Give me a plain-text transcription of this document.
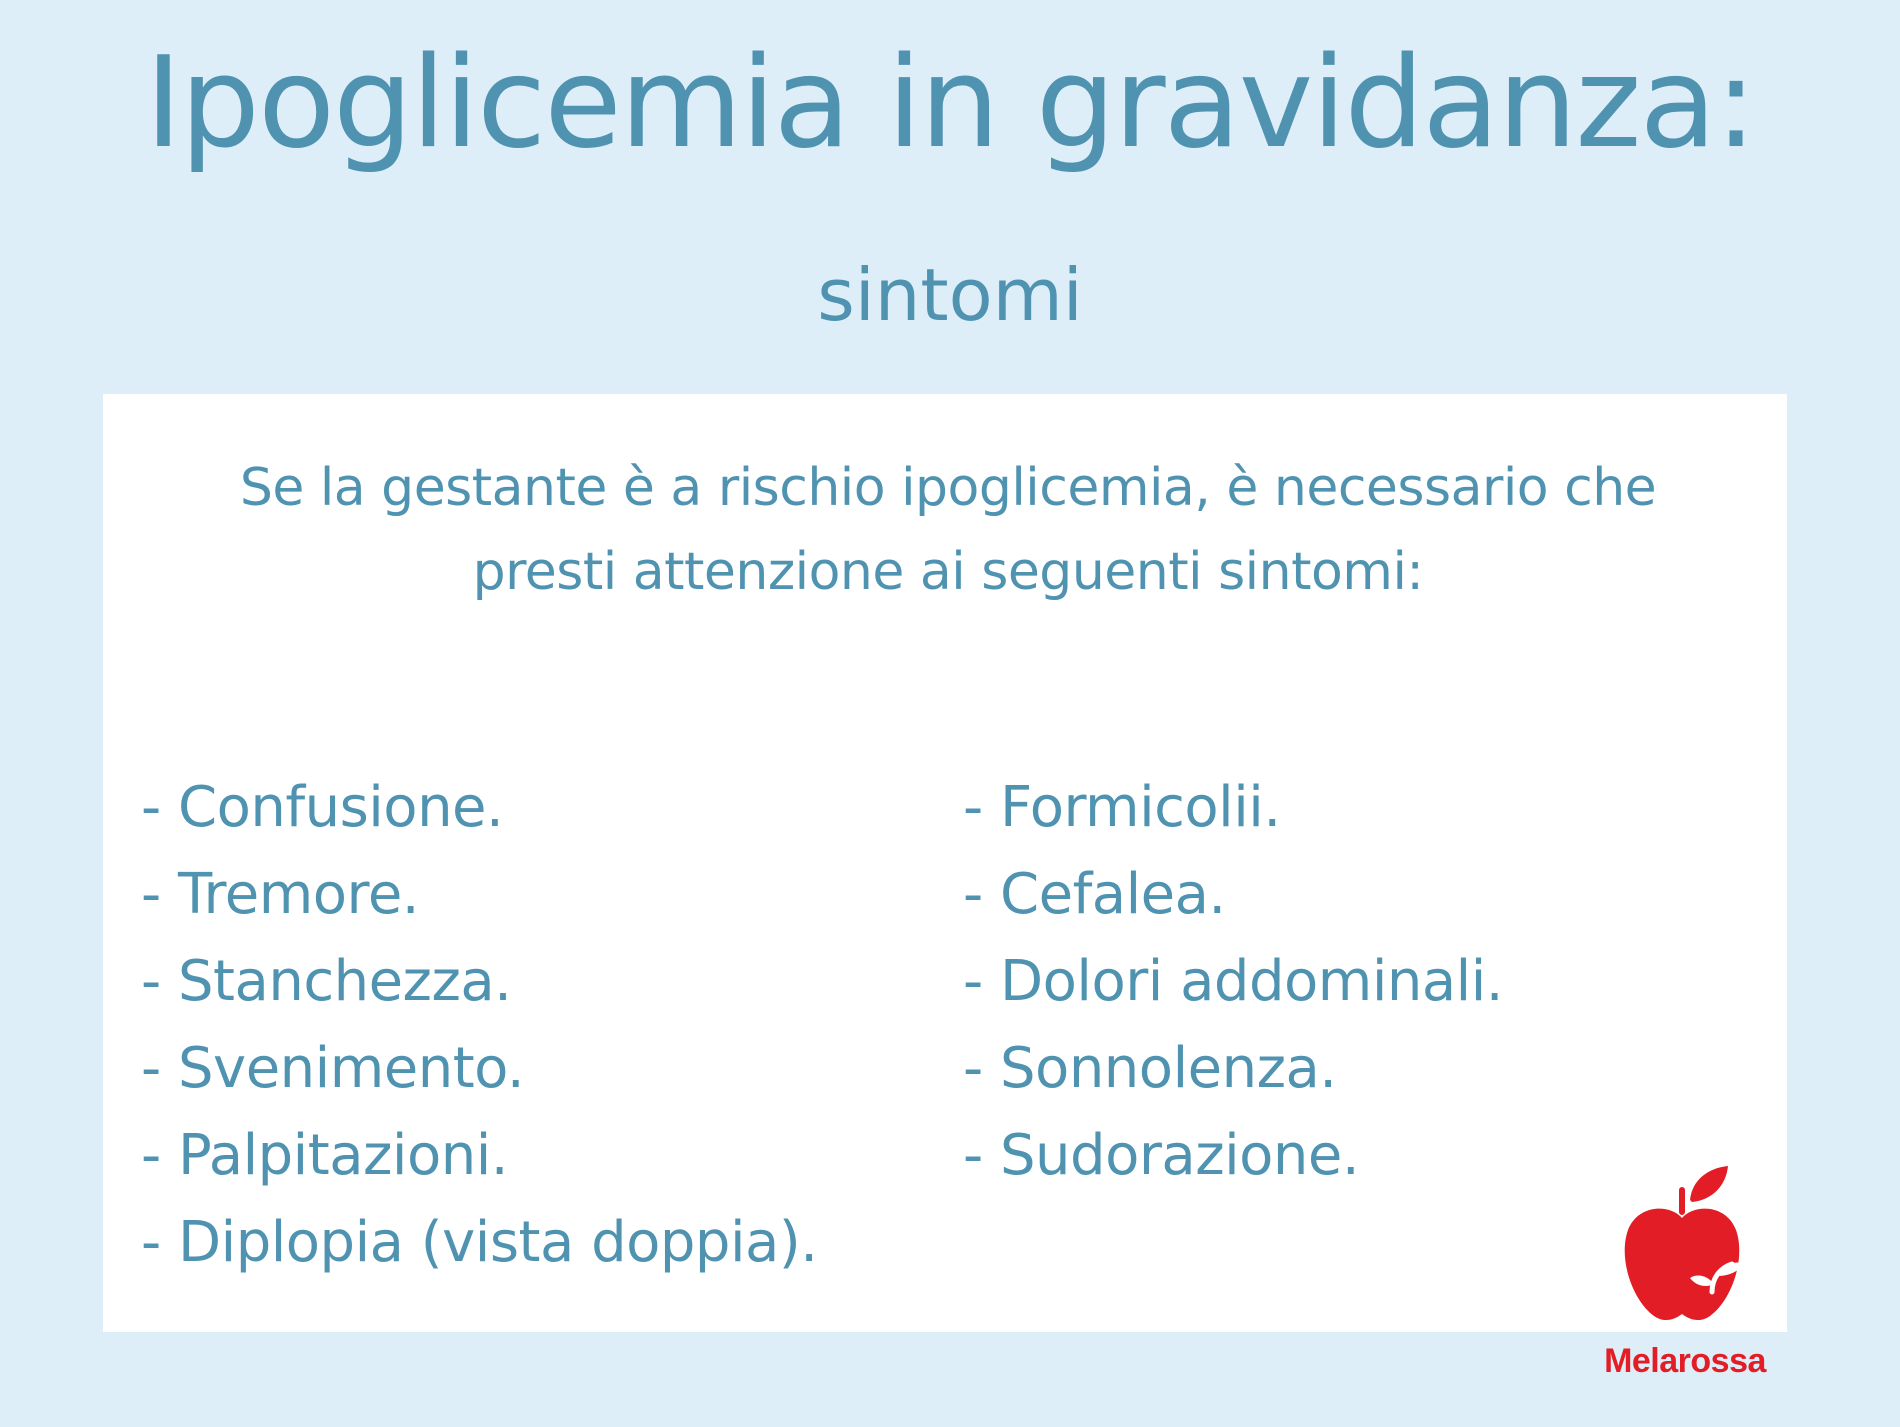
Ipoglicemia in gravidanza:
sintomi
Se la gestante è a rischio ipoglicemia, è necessario che presti attenzione ai seguenti sintomi:
- Confusione.
- Tremore.
- Stanchezza.
- Svenimento.
- Palpitazioni.
- Diplopia (vista doppia).
- Formicolii.
- Cefalea.
- Dolori addominali.
- Sonnolenza.
- Sudorazione.
Melarossa
